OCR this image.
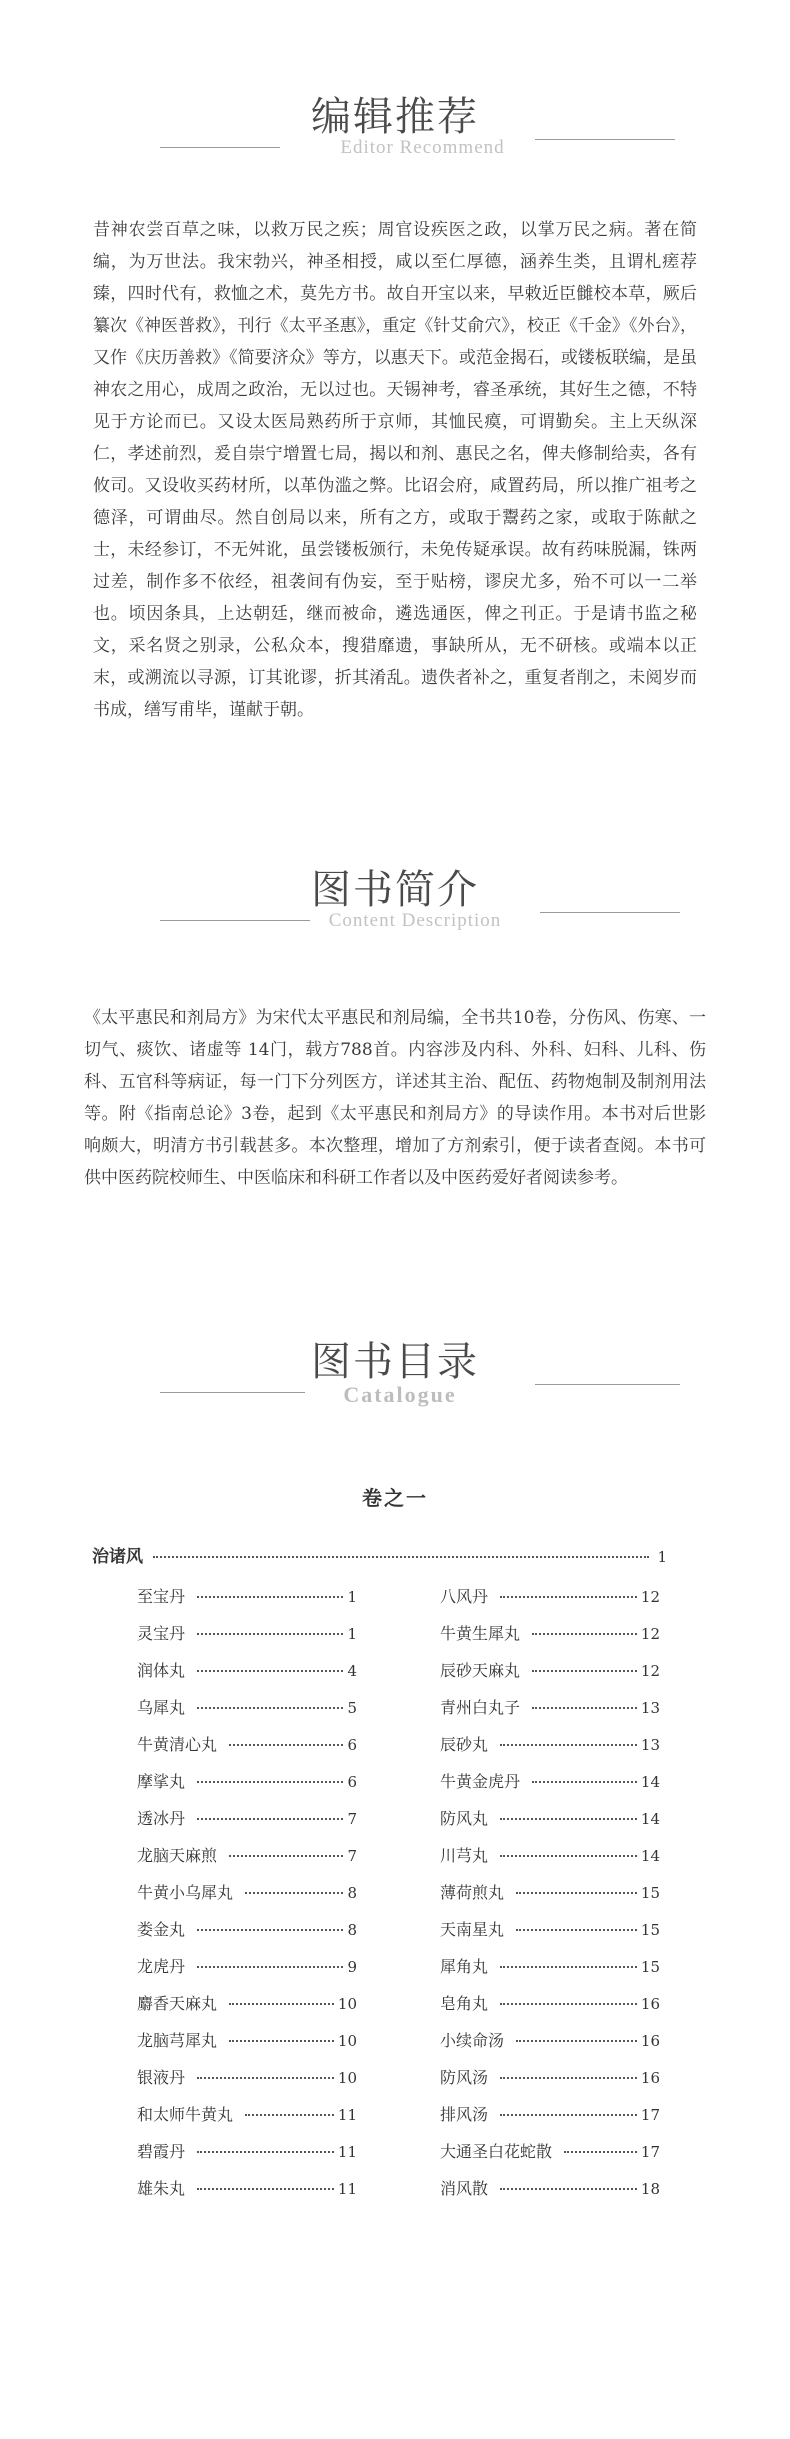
编辑推荐
Editor Recommend
昔神农尝百草之味，以救万民之疾；周官设疾医之政，以掌万民之病。著在简编，为万世法。我宋勃兴，神圣相授，咸以至仁厚德，涵养生类，且谓札瘥荐臻，四时代有，救恤之术，莫先方书。故自开宝以来，早敕近臣雠校本草，厥后纂次《神医普救》，刊行《太平圣惠》，重定《针艾俞穴》，校正《千金》《外台》，又作《庆历善救》《简要济众》等方，以惠天下。或范金揭石，或镂板联编，是虽神农之用心，成周之政治，无以过也。天锡神考，睿圣承统，其好生之德，不特见于方论而已。又设太医局熟药所于京师，其恤民瘼，可谓勤矣。主上天纵深仁，孝述前烈，爰自崇宁增置七局，揭以和剂、惠民之名，俾夫修制给卖，各有攸司。又设收买药材所，以革伪滥之弊。比诏会府，咸置药局，所以推广祖考之德泽，可谓曲尽。然自创局以来，所有之方，或取于鬻药之家，或取于陈献之士，未经参订，不无舛讹，虽尝镂板颁行，未免传疑承误。故有药味脱漏，铢两过差，制作多不依经，祖袭间有伪妄，至于贴榜，谬戾尤多，殆不可以一二举也。顷因条具，上达朝廷，继而被命，遴选通医，俾之刊正。于是请书监之秘文，采名贤之别录，公私众本，搜猎靡遗，事缺所从，无不研核。或端本以正末，或溯流以寻源，订其讹谬，折其淆乱。遗佚者补之，重复者削之，未阅岁而书成，缮写甫毕，谨献于朝。
图书简介
Content Description
《太平惠民和剂局方》为宋代太平惠民和剂局编，全书共10卷，分伤风、伤寒、一切气、痰饮、诸虚等 14门，载方788首。内容涉及内科、外科、妇科、儿科、伤科、五官科等病证，每一门下分列医方，详述其主治、配伍、药物炮制及制剂用法等。附《指南总论》3卷，起到《太平惠民和剂局方》的导读作用。本书对后世影响颇大，明清方书引载甚多。本次整理，增加了方剂索引，便于读者查阅。本书可供中医药院校师生、中医临床和科研工作者以及中医药爱好者阅读参考。
图书目录
Catalogue
卷之一
治诸风	1
至宝丹	1
灵宝丹	1
润体丸	4
乌犀丸	5
牛黄清心丸	6
摩挲丸	6
透冰丹	7
龙脑天麻煎	7
牛黄小乌犀丸	8
娄金丸	8
龙虎丹	9
麝香天麻丸	10
龙脑芎犀丸	10
银液丹	10
和太师牛黄丸	11
碧霞丹	11
雄朱丸	11
八风丹	12
牛黄生犀丸	12
辰砂天麻丸	12
青州白丸子	13
辰砂丸	13
牛黄金虎丹	14
防风丸	14
川芎丸	14
薄荷煎丸	15
天南星丸	15
犀角丸	15
皂角丸	16
小续命汤	16
防风汤	16
排风汤	17
大通圣白花蛇散	17
消风散	18
